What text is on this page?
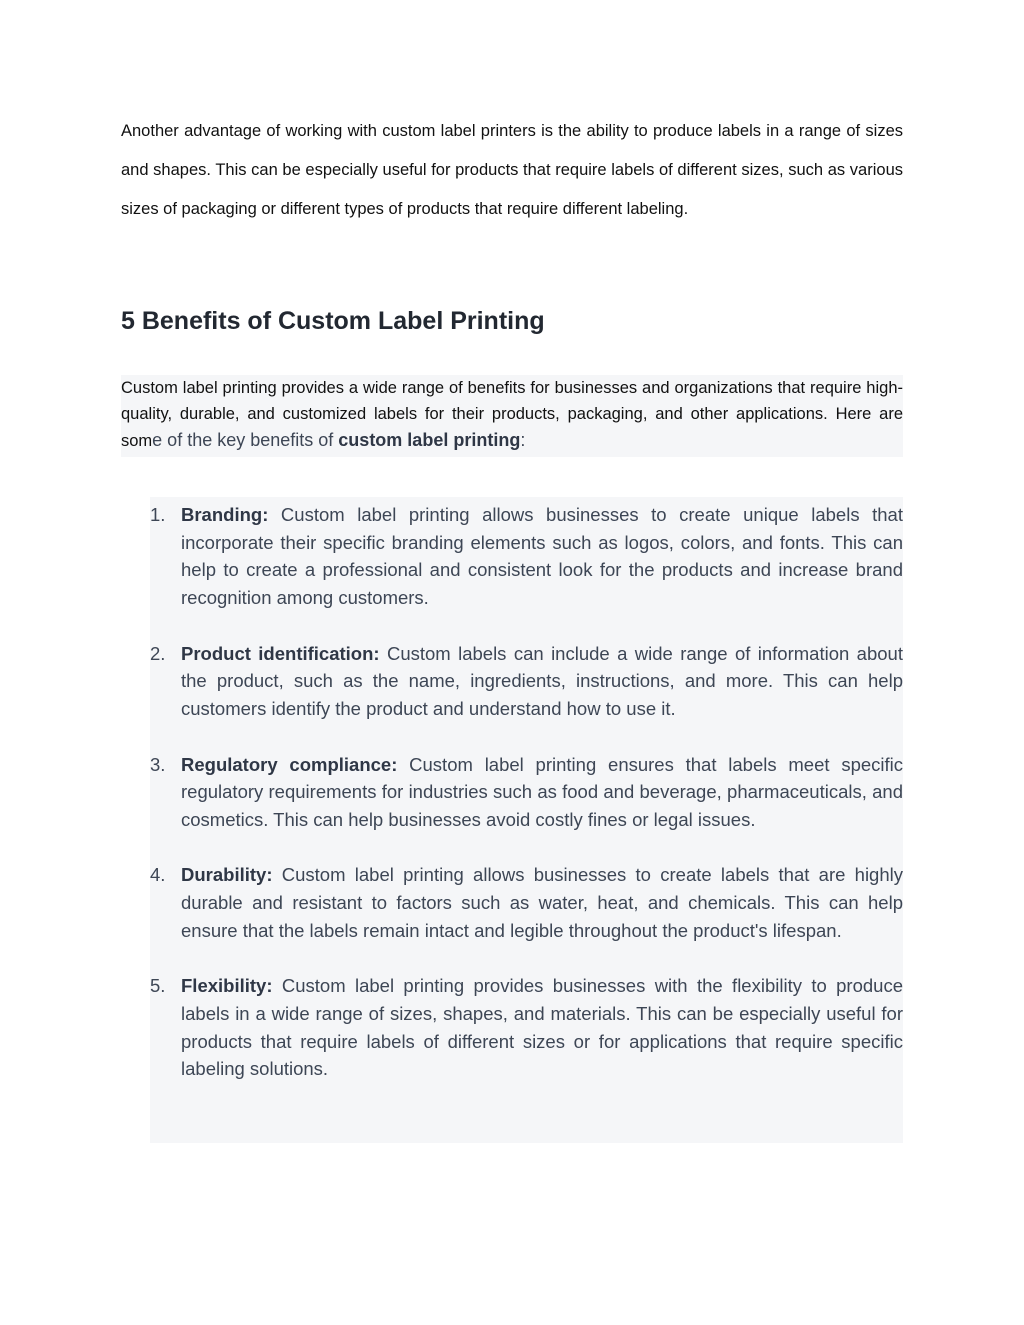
Another advantage of working with custom label printers is the ability to produce labels in a range of sizes and shapes. This can be especially useful for products that require labels of different sizes, such as various sizes of packaging or different types of products that require different labeling.

5 Benefits of Custom Label Printing

Custom label printing provides a wide range of benefits for businesses and organizations that require high-quality, durable, and customized labels for their products, packaging, and other applications. Here are some of the key benefits of custom label printing:

1. Branding: Custom label printing allows businesses to create unique labels that incorporate their specific branding elements such as logos, colors, and fonts. This can help to create a professional and consistent look for the products and increase brand recognition among customers.
2. Product identification: Custom labels can include a wide range of information about the product, such as the name, ingredients, instructions, and more. This can help customers identify the product and understand how to use it.
3. Regulatory compliance: Custom label printing ensures that labels meet specific regulatory requirements for industries such as food and beverage, pharmaceuticals, and cosmetics. This can help businesses avoid costly fines or legal issues.
4. Durability: Custom label printing allows businesses to create labels that are highly durable and resistant to factors such as water, heat, and chemicals. This can help ensure that the labels remain intact and legible throughout the product's lifespan.
5. Flexibility: Custom label printing provides businesses with the flexibility to produce labels in a wide range of sizes, shapes, and materials. This can be especially useful for products that require labels of different sizes or for applications that require specific labeling solutions.
